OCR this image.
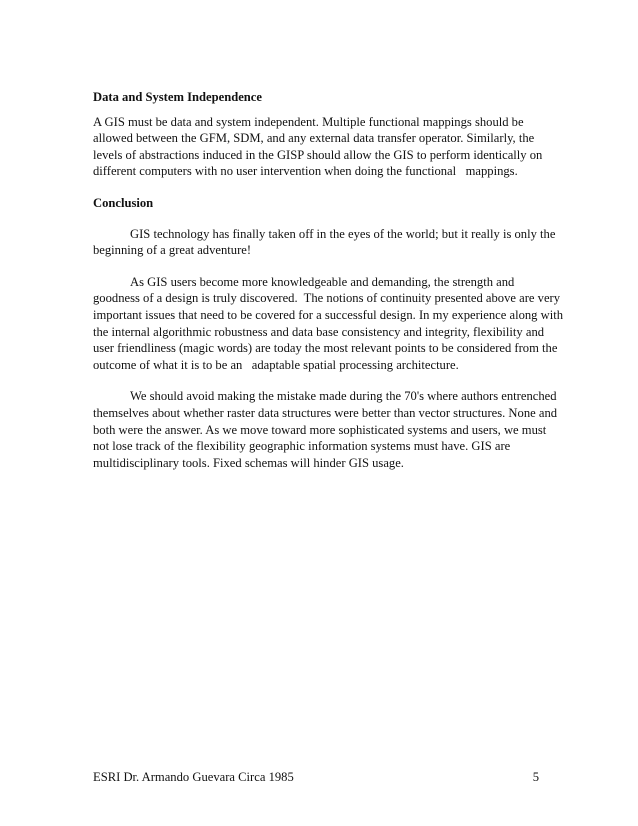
Data and System Independence
A GIS must be data and system independent. Multiple functional mappings should be
allowed between the GFM, SDM, and any external data transfer operator. Similarly, the
levels of abstractions induced in the GISP should allow the GIS to perform identically on
different computers with no user intervention when doing the functional   mappings.
Conclusion
GIS technology has finally taken off in the eyes of the world; but it really is only the
beginning of a great adventure!
As GIS users become more knowledgeable and demanding, the strength and
goodness of a design is truly discovered.  The notions of continuity presented above are very
important issues that need to be covered for a successful design. In my experience along with
the internal algorithmic robustness and data base consistency and integrity, flexibility and
user friendliness (magic words) are today the most relevant points to be considered from the
outcome of what it is to be an   adaptable spatial processing architecture.
We should avoid making the mistake made during the 70's where authors entrenched
themselves about whether raster data structures were better than vector structures. None and
both were the answer. As we move toward more sophisticated systems and users, we must
not lose track of the flexibility geographic information systems must have. GIS are
multidisciplinary tools. Fixed schemas will hinder GIS usage.
ESRI Dr. Armando Guevara Circa 1985	5
